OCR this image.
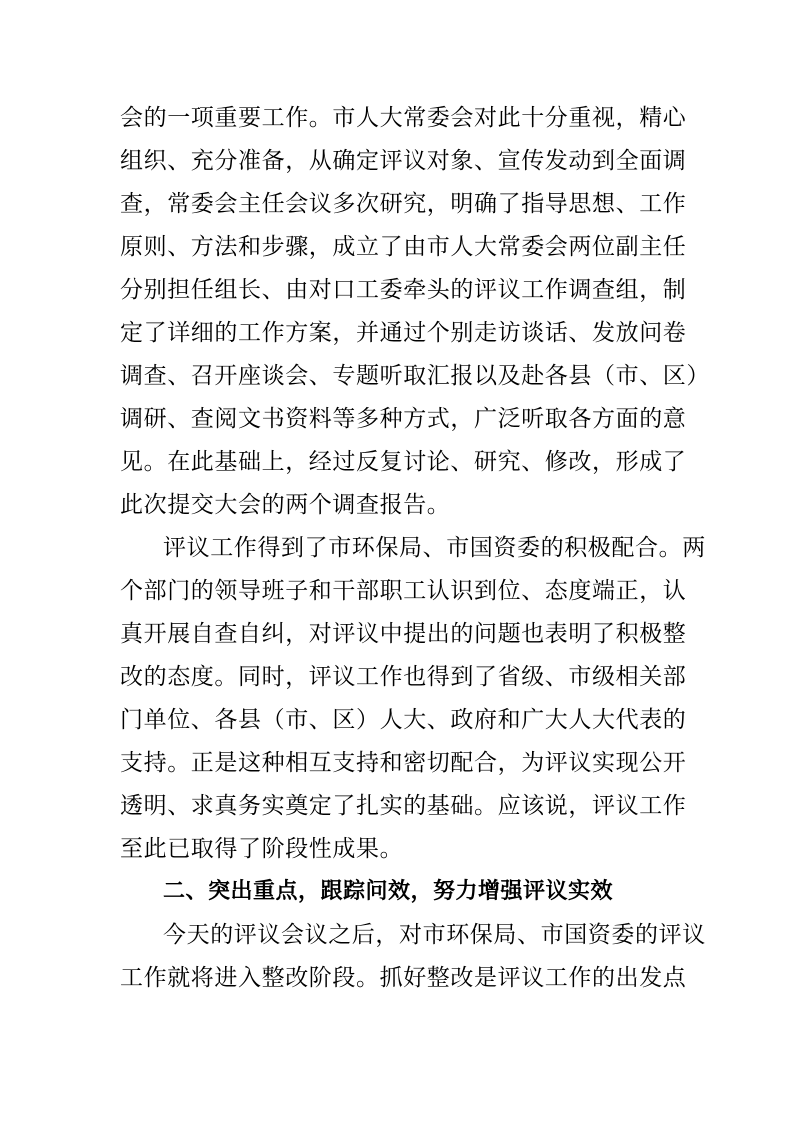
会的一项重要工作。市人大常委会对此十分重视，精心
组织、充分准备，从确定评议对象、宣传发动到全面调
查，常委会主任会议多次研究，明确了指导思想、工作
原则、方法和步骤，成立了由市人大常委会两位副主任
分别担任组长、由对口工委牵头的评议工作调查组，制
定了详细的工作方案，并通过个别走访谈话、发放问卷
调查、召开座谈会、专题听取汇报以及赴各县（市、区）
调研、查阅文书资料等多种方式，广泛听取各方面的意
见。在此基础上，经过反复讨论、研究、修改，形成了
此次提交大会的两个调查报告。
评议工作得到了市环保局、市国资委的积极配合。两
个部门的领导班子和干部职工认识到位、态度端正，认
真开展自查自纠，对评议中提出的问题也表明了积极整
改的态度。同时，评议工作也得到了省级、市级相关部
门单位、各县（市、区）人大、政府和广大人大代表的
支持。正是这种相互支持和密切配合，为评议实现公开
透明、求真务实奠定了扎实的基础。应该说，评议工作
至此已取得了阶段性成果。
二、突出重点，跟踪问效，努力增强评议实效
今天的评议会议之后，对市环保局、市国资委的评议
工作就将进入整改阶段。抓好整改是评议工作的出发点
